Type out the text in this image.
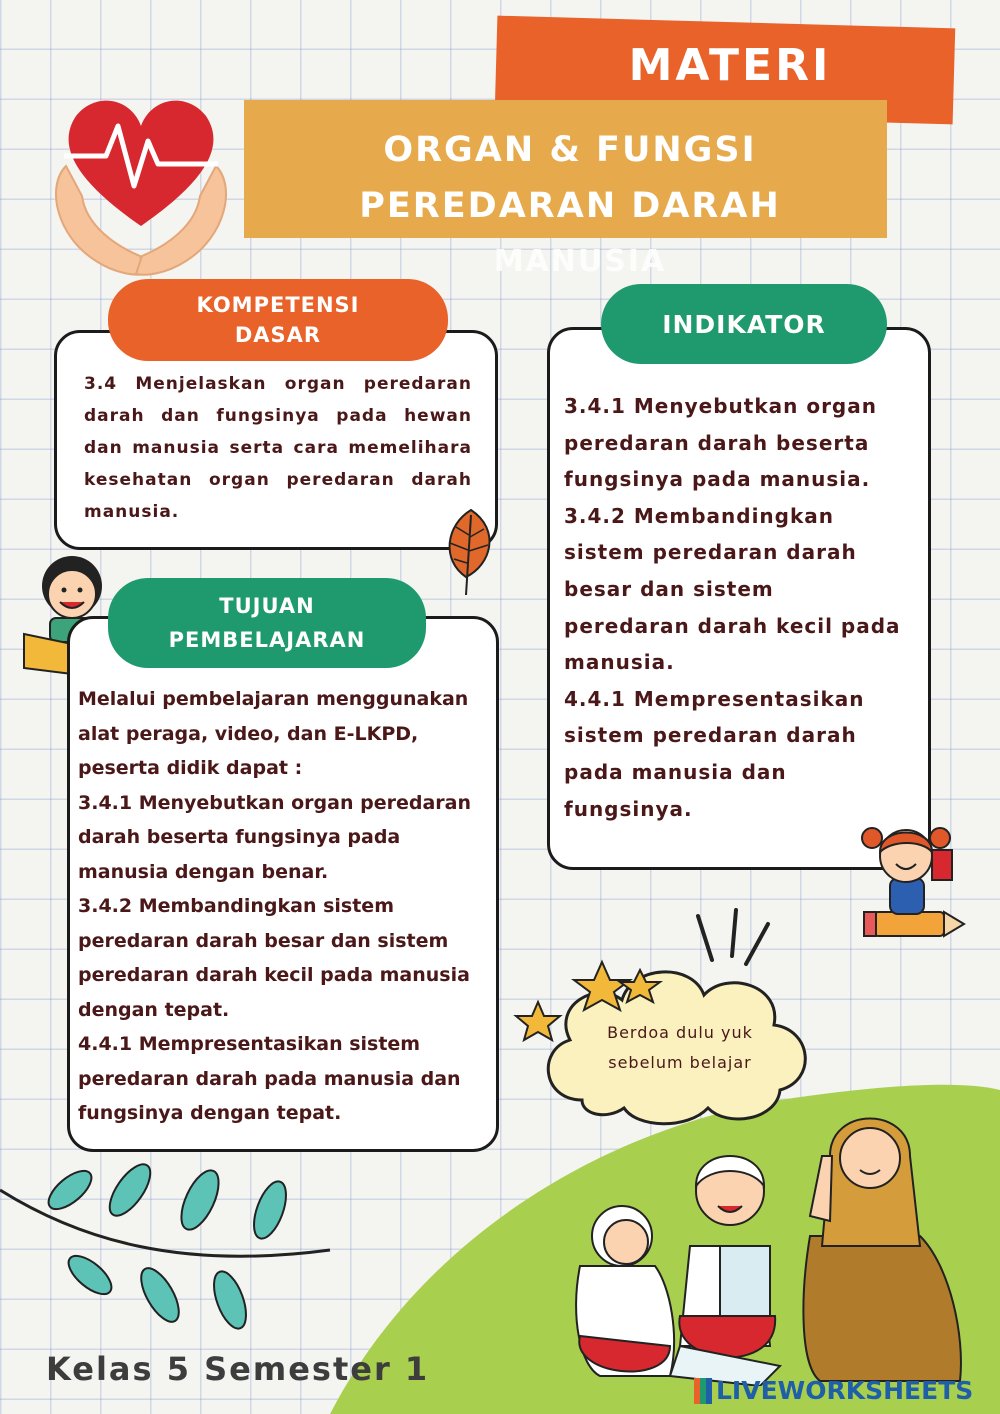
MATERI
ORGAN & FUNGSI
PEREDARAN DARAH
MANUSIA
KOMPETENSI
DASAR
3.4 Menjelaskan organ peredaran darah dan fungsinya pada hewan dan manusia serta cara memelihara kesehatan organ peredaran darah manusia.
INDIKATOR
3.4.1 Menyebutkan organ
peredaran darah beserta
fungsinya pada manusia.
3.4.2 Membandingkan
sistem peredaran darah
besar dan sistem
peredaran darah kecil pada
manusia.
4.4.1 Mempresentasikan
sistem peredaran darah
pada manusia dan
fungsinya.
TUJUAN
PEMBELAJARAN
Melalui pembelajaran menggunakan
alat peraga, video, dan E-LKPD,
peserta didik dapat :
3.4.1 Menyebutkan organ peredaran
darah beserta fungsinya pada
manusia dengan benar.
3.4.2 Membandingkan sistem
peredaran darah besar dan sistem
peredaran darah kecil pada manusia
dengan tepat.
4.4.1 Mempresentasikan sistem
peredaran darah pada manusia dan
fungsinya dengan tepat.
Berdoa dulu yuk
sebelum belajar
Kelas 5 Semester 1
LIVEWORKSHEETS
